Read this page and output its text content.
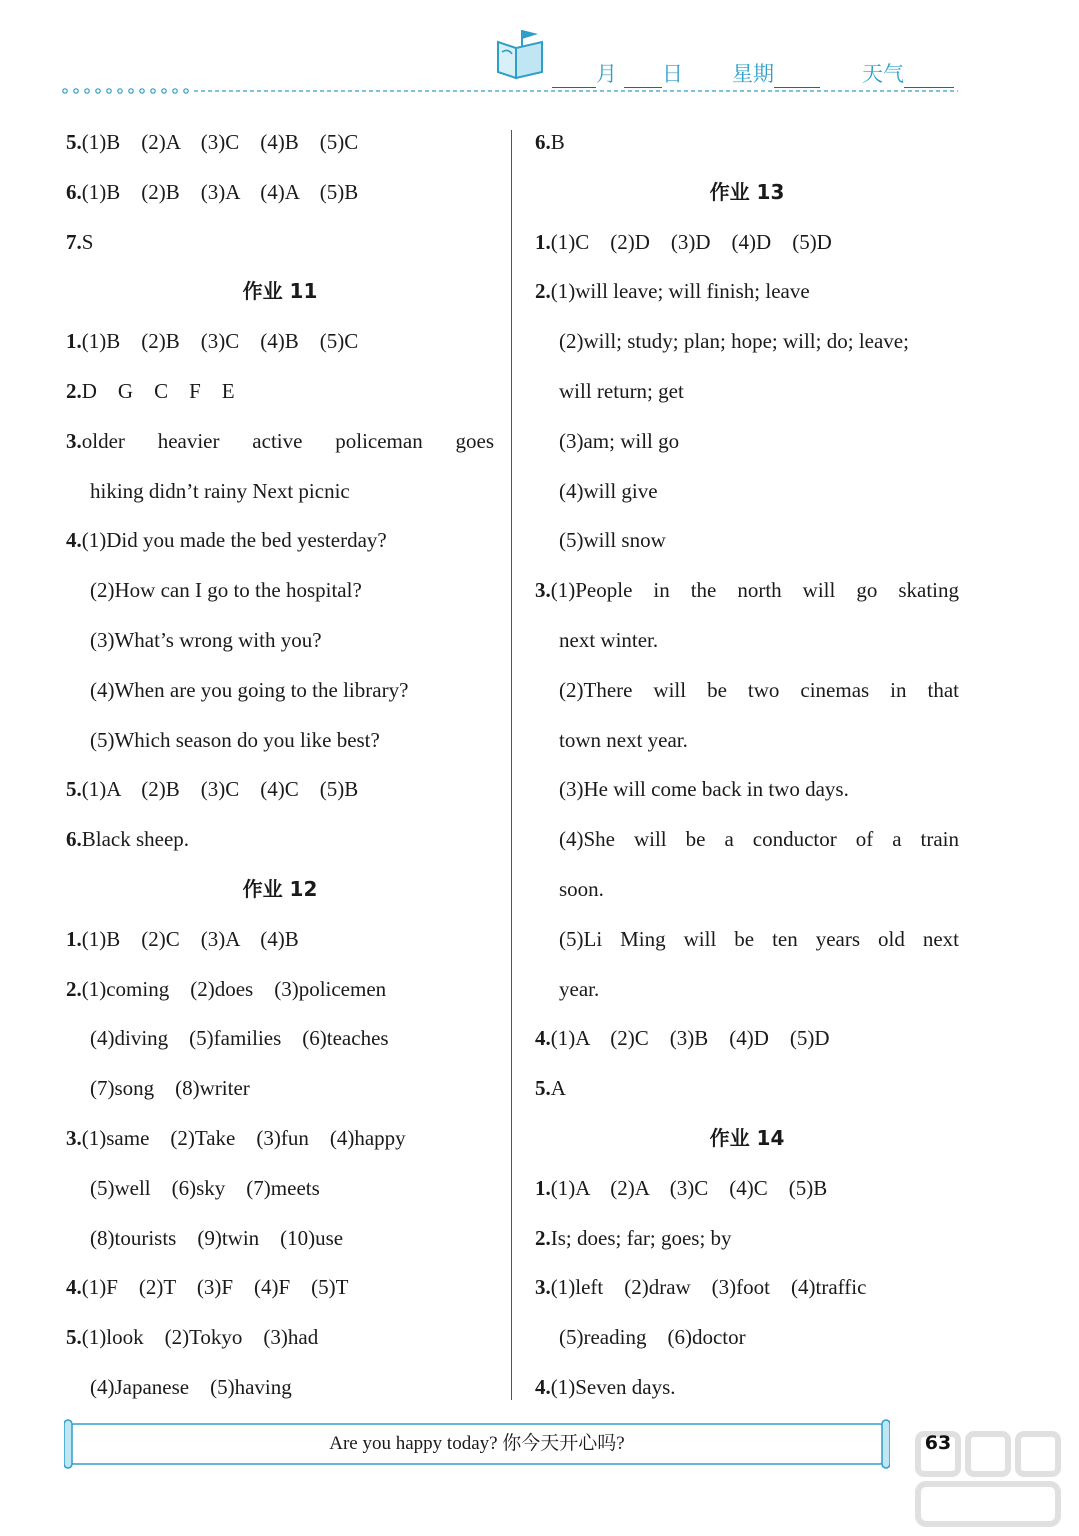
月	日 星期	天气
5.(1)B　(2)A　(3)C　(4)B　(5)C
6.(1)B　(2)B　(3)A　(4)A　(5)B
7.S
作业 11
1.(1)B　(2)B　(3)C　(4)B　(5)C
2.D　G　C　F　E
3.older heavier active policeman goes
hiking didn’t rainy Next picnic
4.(1)Did you made the bed yesterday?
(2)How can I go to the hospital?
(3)What’s wrong with you?
(4)When are you going to the library?
(5)Which season do you like best?
5.(1)A　(2)B　(3)C　(4)C　(5)B
6.Black sheep.
作业 12
1.(1)B　(2)C　(3)A　(4)B
2.(1)coming　(2)does　(3)policemen
(4)diving　(5)families　(6)teaches
(7)song　(8)writer
3.(1)same　(2)Take　(3)fun　(4)happy
(5)well　(6)sky　(7)meets
(8)tourists　(9)twin　(10)use
4.(1)F　(2)T　(3)F　(4)F　(5)T
5.(1)look　(2)Tokyo　(3)had
(4)Japanese　(5)having
6.B
作业 13
1.(1)C　(2)D　(3)D　(4)D　(5)D
2.(1)will leave; will finish; leave
(2)will; study; plan; hope; will; do; leave;
will return; get
(3)am; will go
(4)will give
(5)will snow
3.(1)People in the north will go skating
next winter.
(2)There will be two cinemas in that
town next year.
(3)He will come back in two days.
(4)She will be a conductor of a train
soon.
(5)Li Ming will be ten years old next
year.
4.(1)A　(2)C　(3)B　(4)D　(5)D
5.A
作业 14
1.(1)A　(2)A　(3)C　(4)C　(5)B
2.Is; does; far; goes; by
3.(1)left　(2)draw　(3)foot　(4)traffic
(5)reading　(6)doctor
4.(1)Seven days.
Are you happy today? 你今天开心吗?	63
